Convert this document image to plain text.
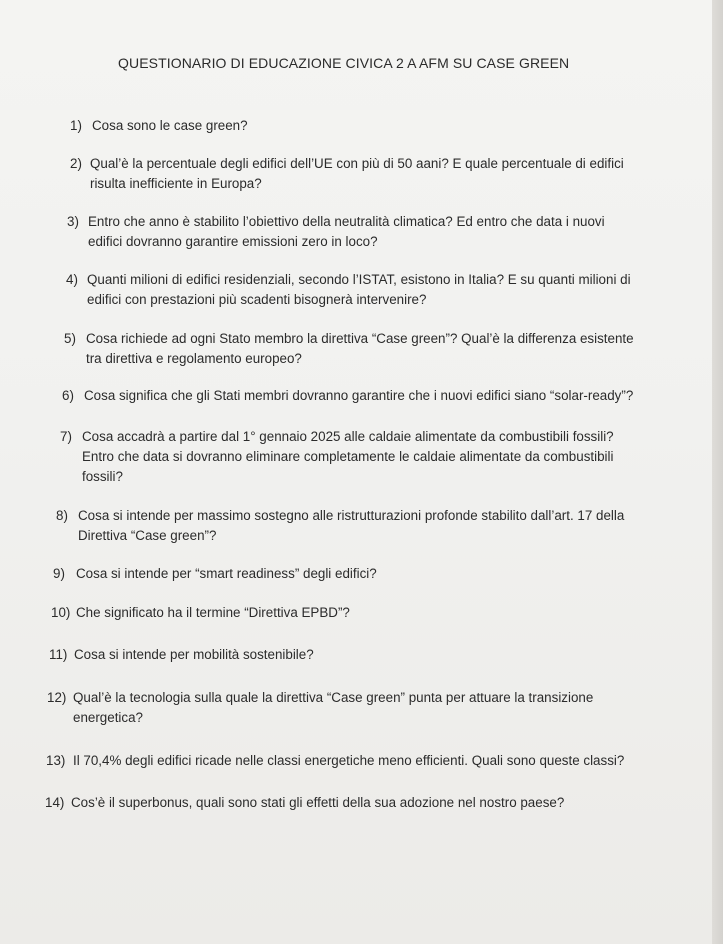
QUESTIONARIO DI EDUCAZIONE CIVICA 2 A AFM SU CASE GREEN
1) Cosa sono le case green?
2) Qual’è la percentuale degli edifici dell’UE con più di 50 aani? E quale percentuale di edifici
risulta inefficiente in Europa?
3) Entro che anno è stabilito l’obiettivo della neutralità climatica? Ed entro che data i nuovi
edifici dovranno garantire emissioni zero in loco?
4) Quanti milioni di edifici residenziali, secondo l’ISTAT, esistono in Italia? E su quanti milioni di
edifici con prestazioni più scadenti bisognerà intervenire?
5) Cosa richiede ad ogni Stato membro la direttiva “Case green”? Qual’è la differenza esistente
tra direttiva e regolamento europeo?
6) Cosa significa che gli Stati membri dovranno garantire che i nuovi edifici siano “solar-ready”?
7) Cosa accadrà a partire dal 1° gennaio 2025 alle caldaie alimentate da combustibili fossili?
Entro che data si dovranno eliminare completamente le caldaie alimentate da combustibili
fossili?
8) Cosa si intende per massimo sostegno alle ristrutturazioni profonde stabilito dall’art. 17 della
Direttiva “Case green”?
9) Cosa si intende per “smart readiness” degli edifici?
10) Che significato ha il termine “Direttiva EPBD”?
11) Cosa si intende per mobilità sostenibile?
12) Qual’è la tecnologia sulla quale la direttiva “Case green” punta per attuare la transizione
energetica?
13) Il 70,4% degli edifici ricade nelle classi energetiche meno efficienti. Quali sono queste classi?
14) Cos’è il superbonus, quali sono stati gli effetti della sua adozione nel nostro paese?
